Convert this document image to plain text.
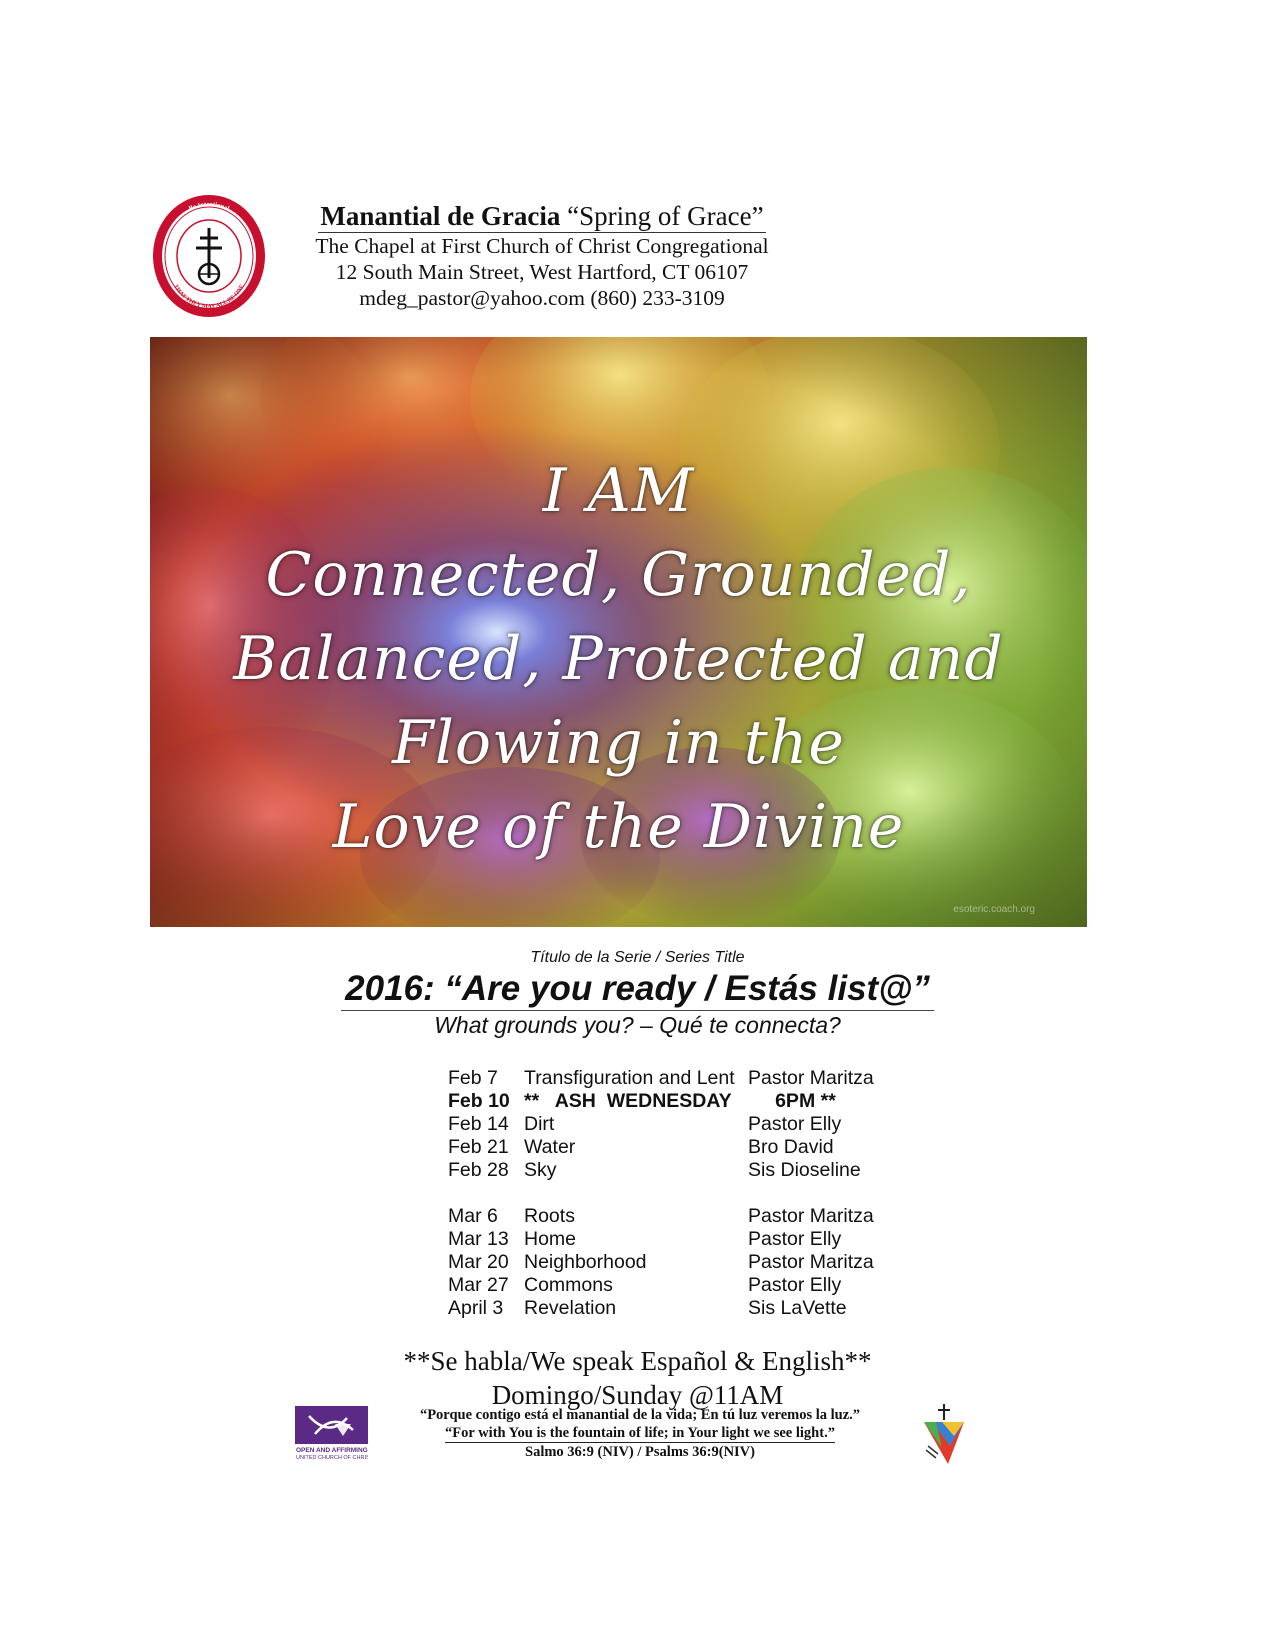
Be Intentional
THAT THEY MAY ALL BE ONE
Manantial de Gracia “Spring of Grace”
The Chapel at First Church of Christ Congregational
12 South Main Street, West Hartford, CT 06107
mdeg_pastor@yahoo.com (860) 233-3109
I AM
Connected, Grounded,
Balanced, Protected and
Flowing in the
Love of the Divine
esoteric.coach.org
Título de la Serie / Series Title
2016: “Are you ready / Estás list@”
What grounds you? – Qué te connecta?
Feb 7 Transfiguration and Lent Pastor Maritza
Feb 10 **   ASH  WEDNESDAY 6PM **
Feb 14 Dirt	Pastor Elly
Feb 21 Water	Bro David
Feb 28 Sky	Sis Dioseline
Mar 6 Roots	Pastor Maritza
Mar 13 Home	Pastor Elly
Mar 20 Neighborhood	Pastor Maritza
Mar 27 Commons	Pastor Elly
April 3 Revelation	Sis LaVette
**Se habla/We speak Español & English**
Domingo/Sunday @11AM
OPEN AND AFFIRMING
UNITED CHURCH OF CHRIST
“Porque contigo está el manantial de la vida; En tú luz veremos la luz.”
“For with You is the fountain of life; in Your light we see light.”
Salmo 36:9 (NIV) / Psalms 36:9(NIV)
